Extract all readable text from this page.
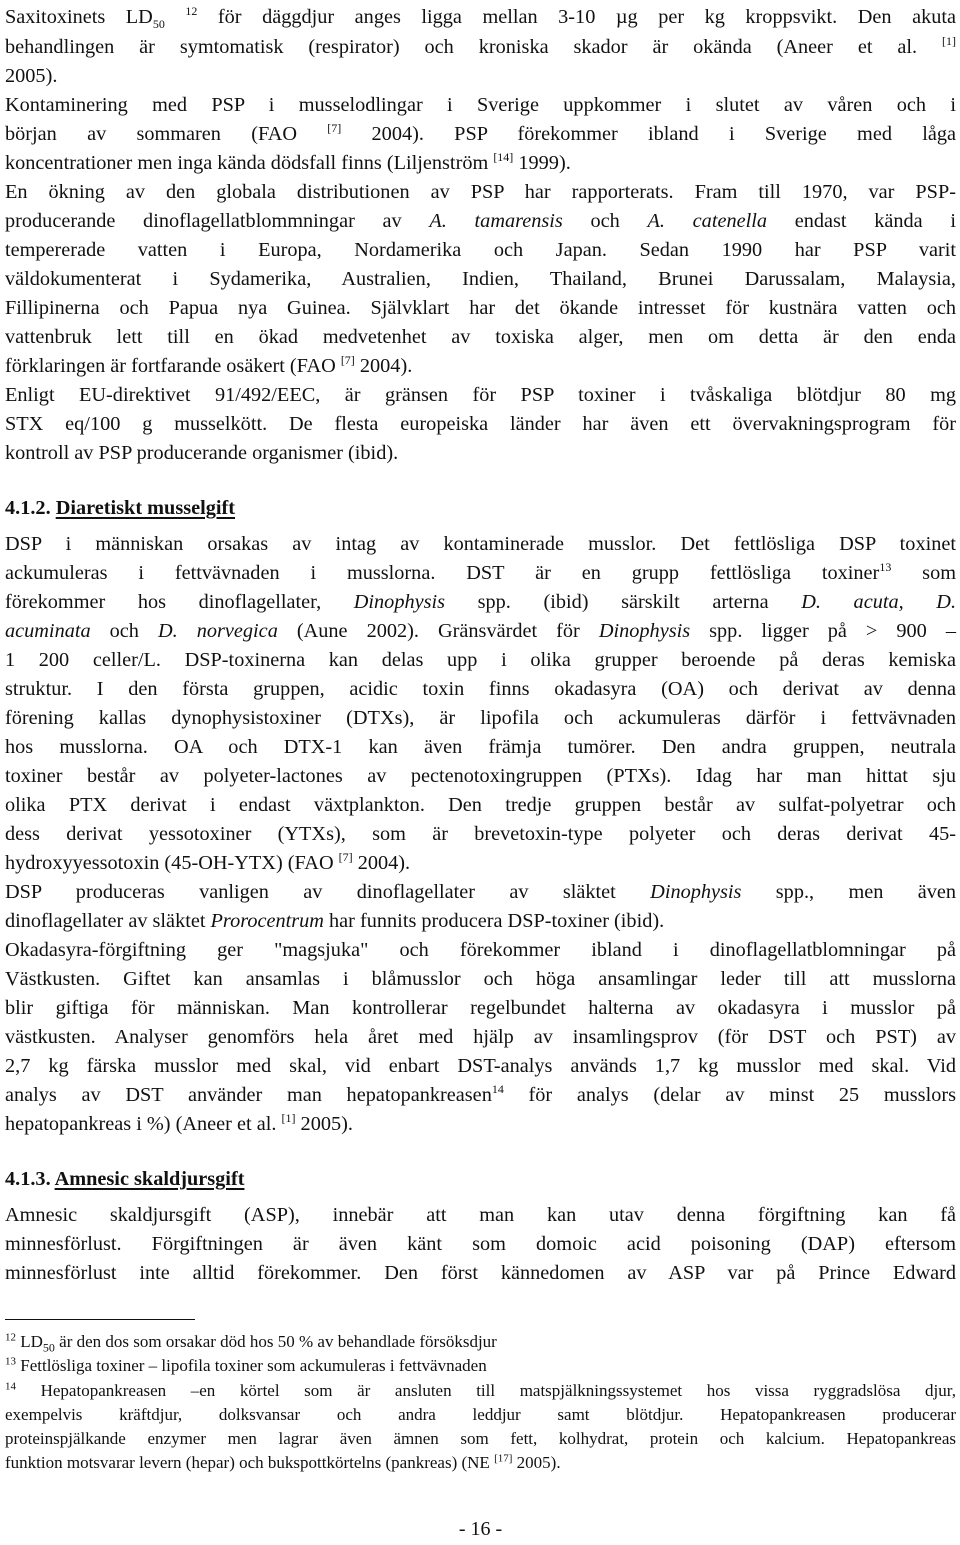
Saxitoxinets $LD_{50}$ $^{12}$ för däggdjur anges ligga mellan 3-10 µg per kg kroppsvikt. Den akuta
behandlingen är symtomatisk (respirator) och kroniska skador är okända (Aneer et al. [1]
2005).
Kontaminering med PSP i musselodlingar i Sverige uppkommer i slutet av våren och i
början av sommaren (FAO [7] 2004). PSP förekommer ibland i Sverige med låga
koncentrationer men inga kända dödsfall finns (Liljenström [14] 1999).
En ökning av den globala distributionen av PSP har rapporterats. Fram till 1970, var PSP-
producerande dinoflagellatblommningar av A. tamarensis och A. catenella endast kända i
tempererade vatten i Europa, Nordamerika och Japan. Sedan 1990 har PSP varit
väldokumenterat i Sydamerika, Australien, Indien, Thailand, Brunei Darussalam, Malaysia,
Fillipinerna och Papua nya Guinea. Självklart har det ökande intresset för kustnära vatten och
vattenbruk lett till en ökad medvetenhet av toxiska alger, men om detta är den enda
förklaringen är fortfarande osäkert (FAO [7] 2004).
Enligt EU-direktivet 91/492/EEC, är gränsen för PSP toxiner i tvåskaliga blötdjur 80 mg
STX eq/100 g musselkött. De flesta europeiska länder har även ett övervakningsprogram för
kontroll av PSP producerande organismer (ibid).
DSP i människan orsakas av intag av kontaminerade musslor. Det fettlösliga DSP toxinet
ackumuleras i fettvävnaden i musslorna. DST är en grupp fettlösliga toxiner$^{13}$ som
förekommer hos dinoflagellater, Dinophysis spp. (ibid) särskilt arterna D. acuta, D.
acuminata och D. norvegica (Aune 2002). Gränsvärdet för Dinophysis spp. ligger på > 900 –
1 200 celler/L. DSP-toxinerna kan delas upp i olika grupper beroende på deras kemiska
struktur. I den första gruppen, acidic toxin finns okadasyra (OA) och derivat av denna
förening kallas dynophysistoxiner (DTXs), är lipofila och ackumuleras därför i fettvävnaden
hos musslorna. OA och DTX-1 kan även främja tumörer. Den andra gruppen, neutrala
toxiner består av polyeter-lactones av pectenotoxingruppen (PTXs). Idag har man hittat sju
olika PTX derivat i endast växtplankton. Den tredje gruppen består av sulfat-polyetrar och
dess derivat yessotoxiner (YTXs), som är brevetoxin-type polyeter och deras derivat 45-
hydroxyyessotoxin (45-OH-YTX) (FAO [7] 2004).
DSP produceras vanligen av dinoflagellater av släktet Dinophysis spp., men även
dinoflagellater av släktet Prorocentrum har funnits producera DSP-toxiner (ibid).
Okadasyra-förgiftning ger "magsjuka" och förekommer ibland i dinoflagellatblomningar på
Västkusten. Giftet kan ansamlas i blåmusslor och höga ansamlingar leder till att musslorna
blir giftiga för människan. Man kontrollerar regelbundet halterna av okadasyra i musslor på
västkusten. Analyser genomförs hela året med hjälp av insamlingsprov (för DST och PST) av
2,7 kg färska musslor med skal, vid enbart DST-analys används 1,7 kg musslor med skal. Vid
analys av DST använder man hepatopankreasen$^{14}$ för analys (delar av minst 25 musslors
hepatopankreas i %) (Aneer et al. [1] 2005).
Amnesic skaldjursgift (ASP), innebär att man kan utav denna förgiftning kan få
minnesförlust. Förgiftningen är även känt som domoic acid poisoning (DAP) eftersom
minnesförlust inte alltid förekommer. Den först kännedomen av ASP var på Prince Edward
4.1.2. Diaretiskt musselgift
4.1.3. Amnesic skaldjursgift
$^{12}$ $LD_{50}$ är den dos som orsakar död hos 50 % av behandlade försöksdjur
$^{13}$ Fettlösliga toxiner – lipofila toxiner som ackumuleras i fettvävnaden
$^{14}$ Hepatopankreasen –en körtel som är ansluten till matspjälkningssystemet hos vissa ryggradslösa djur,
exempelvis kräftdjur, dolksvansar och andra leddjur samt blötdjur. Hepatopankreasen producerar
proteinspjälkande enzymer men lagrar även ämnen som fett, kolhydrat, protein och kalcium. Hepatopankreas
funktion motsvarar levern (hepar) och bukspottkörtelns (pankreas) (NE [17] 2005).
- 16 -
